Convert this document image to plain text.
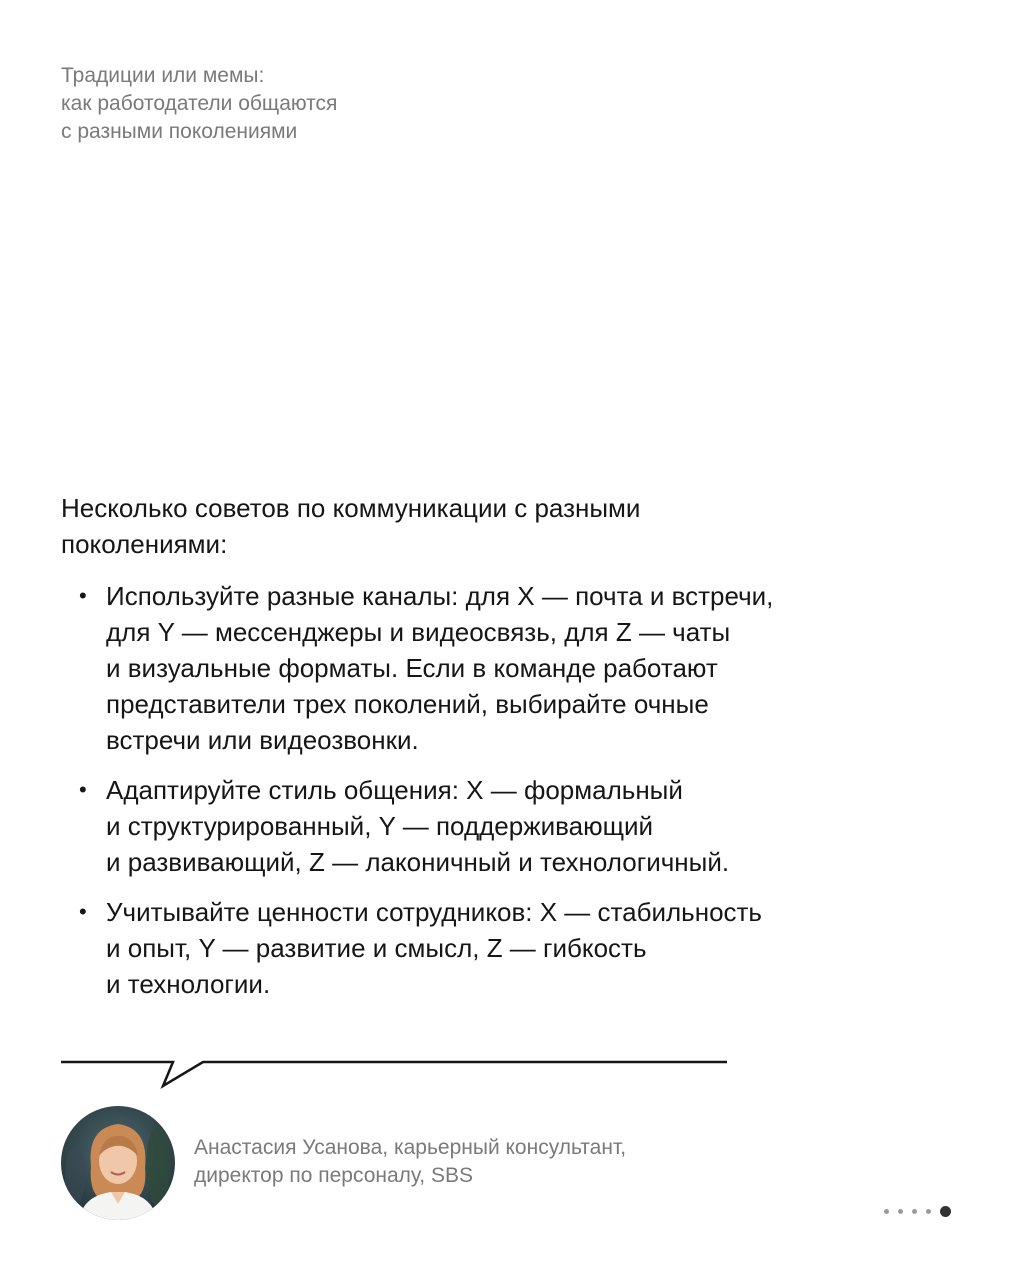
Традиции или мемы:
как работодатели общаются
с разными поколениями
Несколько советов по коммуникации с разными
поколениями:
• Используйте разные каналы: для X — почта и встречи,
для Y — мессенджеры и видеосвязь, для Z — чаты
и визуальные форматы. Если в команде работают
представители трех поколений, выбирайте очные
встречи или видеозвонки.
• Адаптируйте стиль общения: X — формальный
и структурированный, Y — поддерживающий
и развивающий, Z — лаконичный и технологичный.
• Учитывайте ценности сотрудников: X — стабильность
и опыт, Y — развитие и смысл, Z — гибкость
и технологии.
Анастасия Усанова, карьерный консультант,
директор по персоналу, SBS
